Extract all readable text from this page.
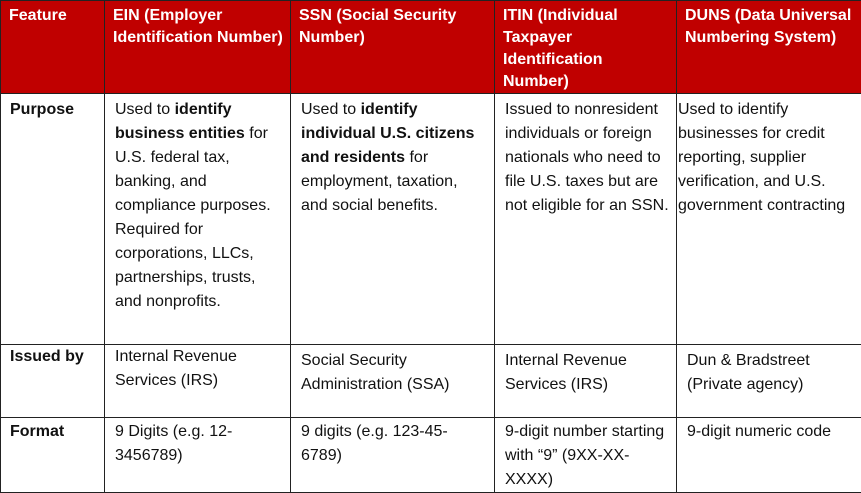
Feature	EIN (Employer Identification Number)	SSN (Social Security Number)	ITIN (Individual Taxpayer Identification Number)	DUNS (Data Universal Numbering System)
Purpose	Used to identify business entities for U.S. federal tax, banking, and compliance purposes. Required for corporations, LLCs, partnerships, trusts, and nonprofits.	Used to identify individual U.S. citizens and residents for employment, taxation, and social benefits.	Issued to nonresident individuals or foreign nationals who need to file U.S. taxes but are not eligible for an SSN.	Used to identify businesses for credit reporting, supplier verification, and U.S. government contracting
Issued by	Internal Revenue Services (IRS)	Social Security Administration (SSA)	Internal Revenue Services (IRS)	Dun & Bradstreet (Private agency)
Format	9 Digits (e.g. 12-3456789)	9 digits (e.g. 123-45-6789)	9-digit number starting with “9” (9XX-XX-XXXX)	9-digit numeric code
